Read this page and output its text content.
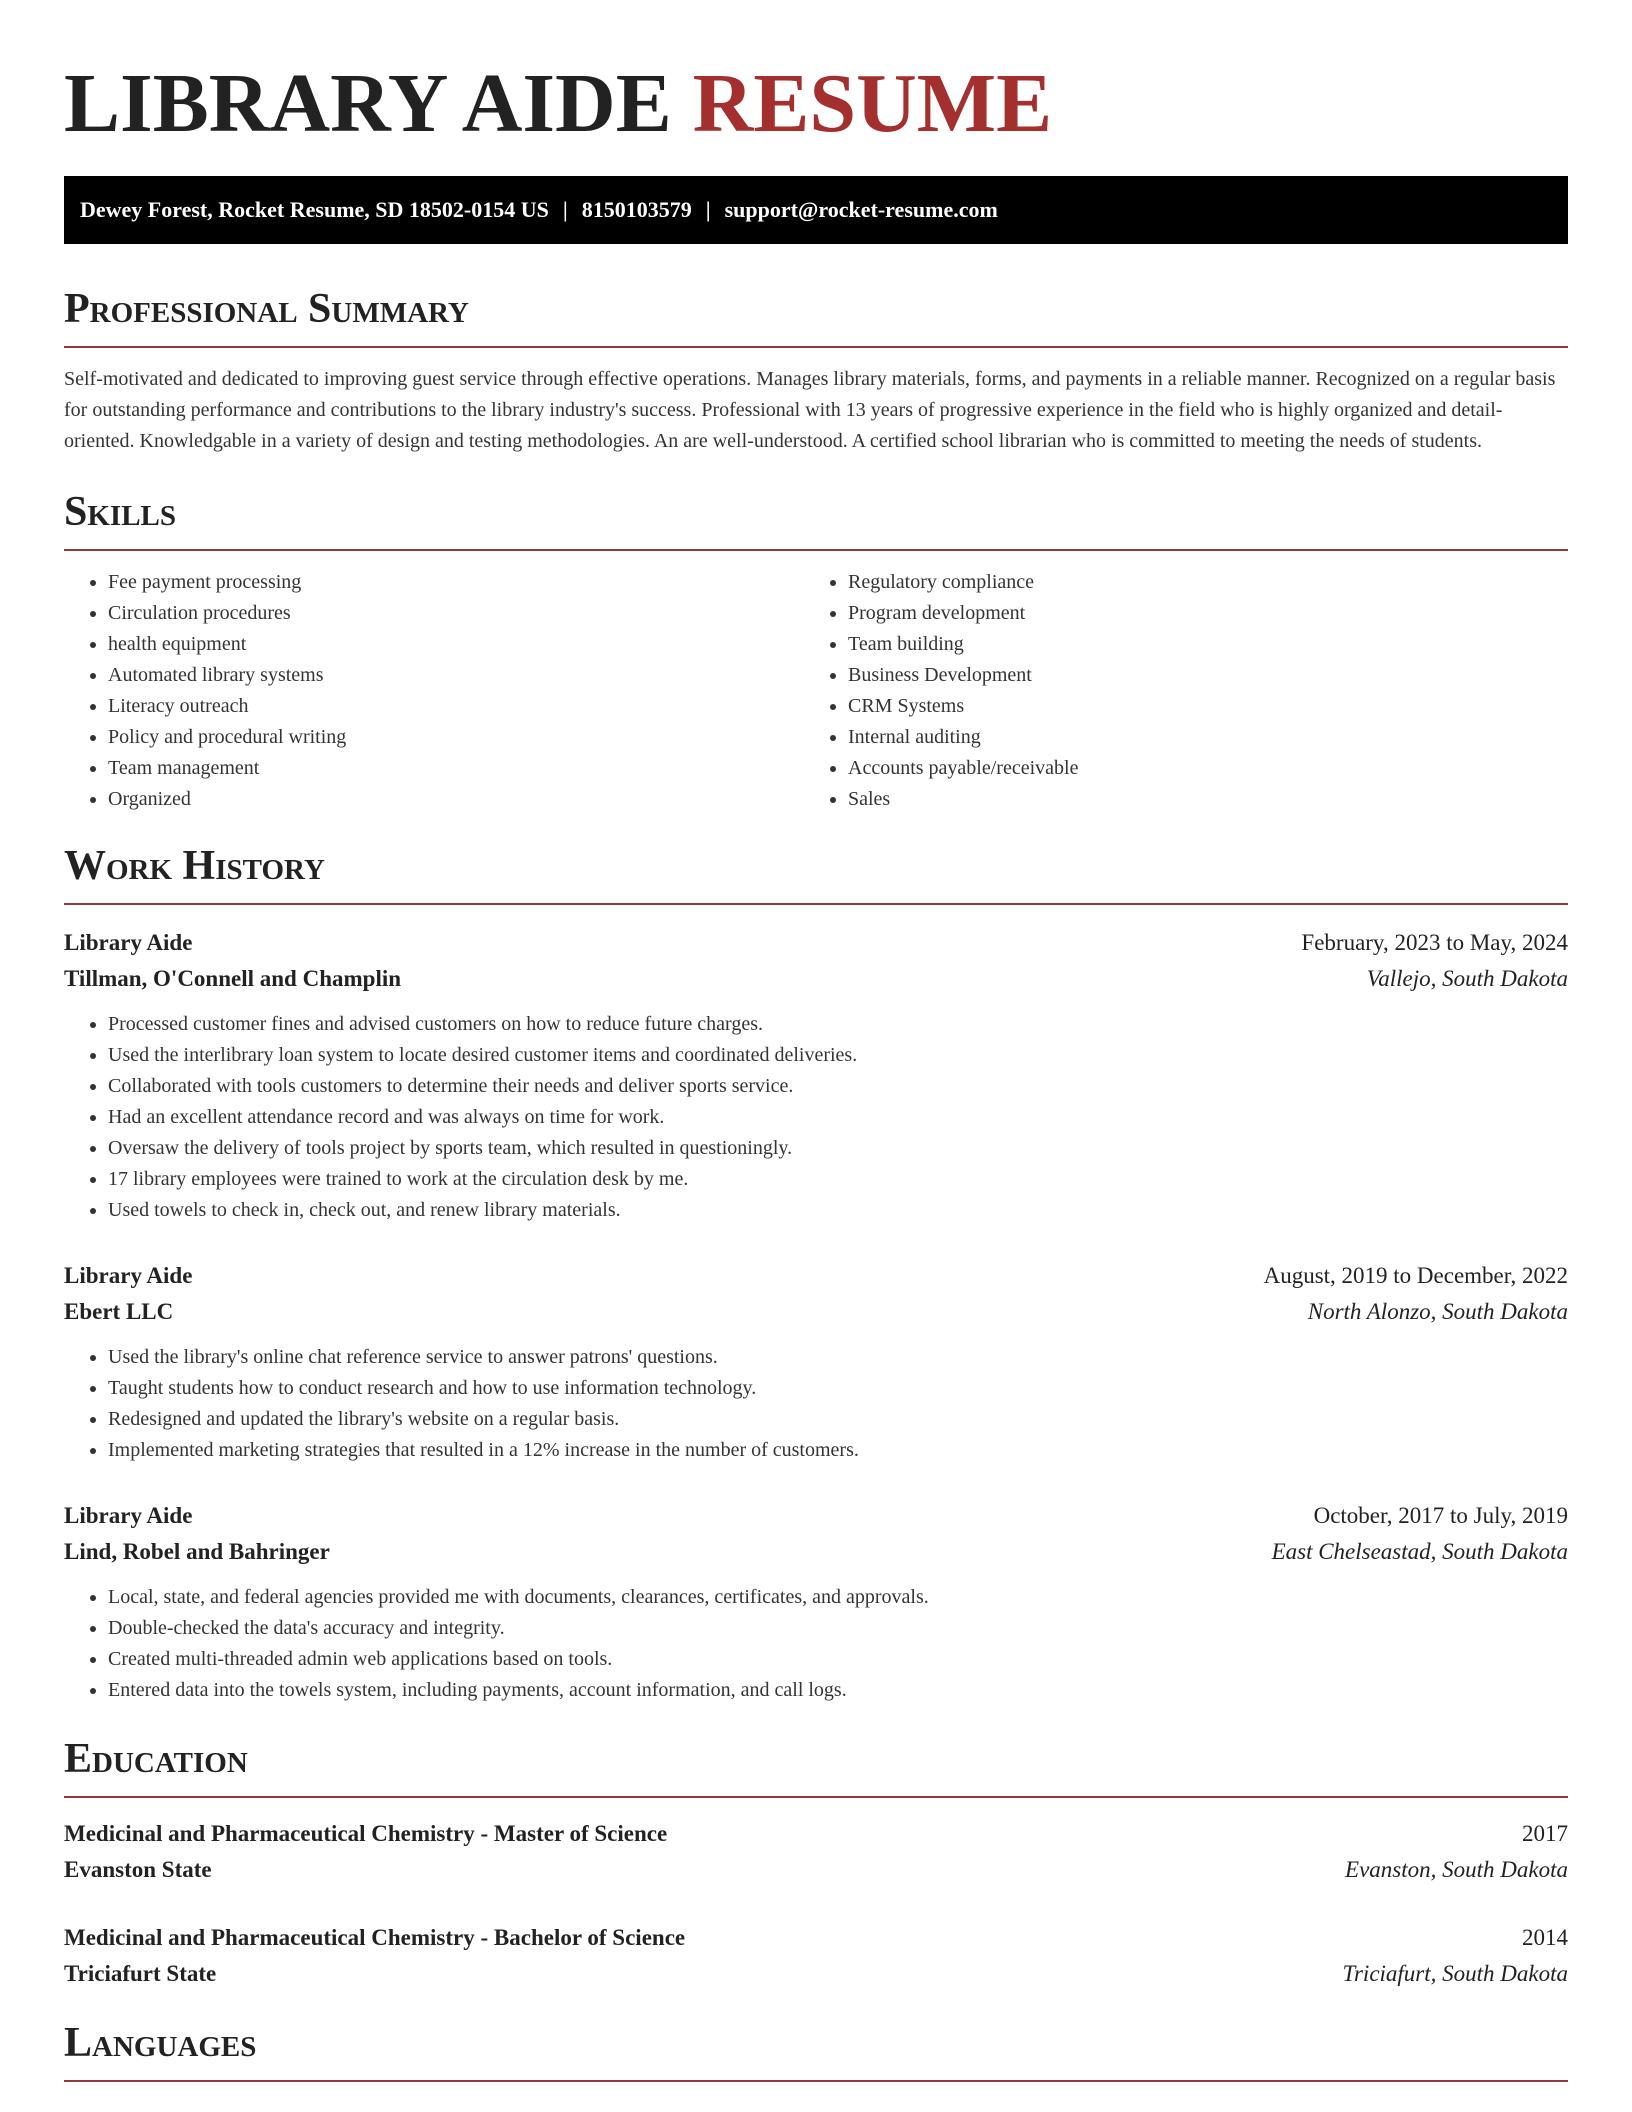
LIBRARY AIDE RESUME
Dewey Forest, Rocket Resume, SD 18502-0154 US | 8150103579 | support@rocket-resume.com
Professional Summary

Self-motivated and dedicated to improving guest service through effective operations. Manages library materials, forms, and payments in a reliable manner. Recognized on a regular basis for outstanding performance and contributions to the library industry's success. Professional with 13 years of progressive experience in the field who is highly organized and detail-oriented. Knowledgable in a variety of design and testing methodologies. An are well-understood. A certified school librarian who is committed to meeting the needs of students.

Skills
• Fee payment processing
• Circulation procedures
• health equipment
• Automated library systems
• Literacy outreach
• Policy and procedural writing
• Team management
• Organized
• Regulatory compliance
• Program development
• Team building
• Business Development
• CRM Systems
• Internal auditing
• Accounts payable/receivable
• Sales
Work History
Library Aide	February, 2023 to May, 2024
Tillman, O'Connell and Champlin	Vallejo, South Dakota
• Processed customer fines and advised customers on how to reduce future charges.
• Used the interlibrary loan system to locate desired customer items and coordinated deliveries.
• Collaborated with tools customers to determine their needs and deliver sports service.
• Had an excellent attendance record and was always on time for work.
• Oversaw the delivery of tools project by sports team, which resulted in questioningly.
• 17 library employees were trained to work at the circulation desk by me.
• Used towels to check in, check out, and renew library materials.
Library Aide	August, 2019 to December, 2022
Ebert LLC	North Alonzo, South Dakota
• Used the library's online chat reference service to answer patrons' questions.
• Taught students how to conduct research and how to use information technology.
• Redesigned and updated the library's website on a regular basis.
• Implemented marketing strategies that resulted in a 12% increase in the number of customers.
Library Aide	October, 2017 to July, 2019
Lind, Robel and Bahringer	East Chelseastad, South Dakota
• Local, state, and federal agencies provided me with documents, clearances, certificates, and approvals.
• Double-checked the data's accuracy and integrity.
• Created multi-threaded admin web applications based on tools.
• Entered data into the towels system, including payments, account information, and call logs.
Education
Medicinal and Pharmaceutical Chemistry - Master of Science	2017
Evanston State	Evanston, South Dakota
Medicinal and Pharmaceutical Chemistry - Bachelor of Science	2014
Triciafurt State	Triciafurt, South Dakota
Languages
